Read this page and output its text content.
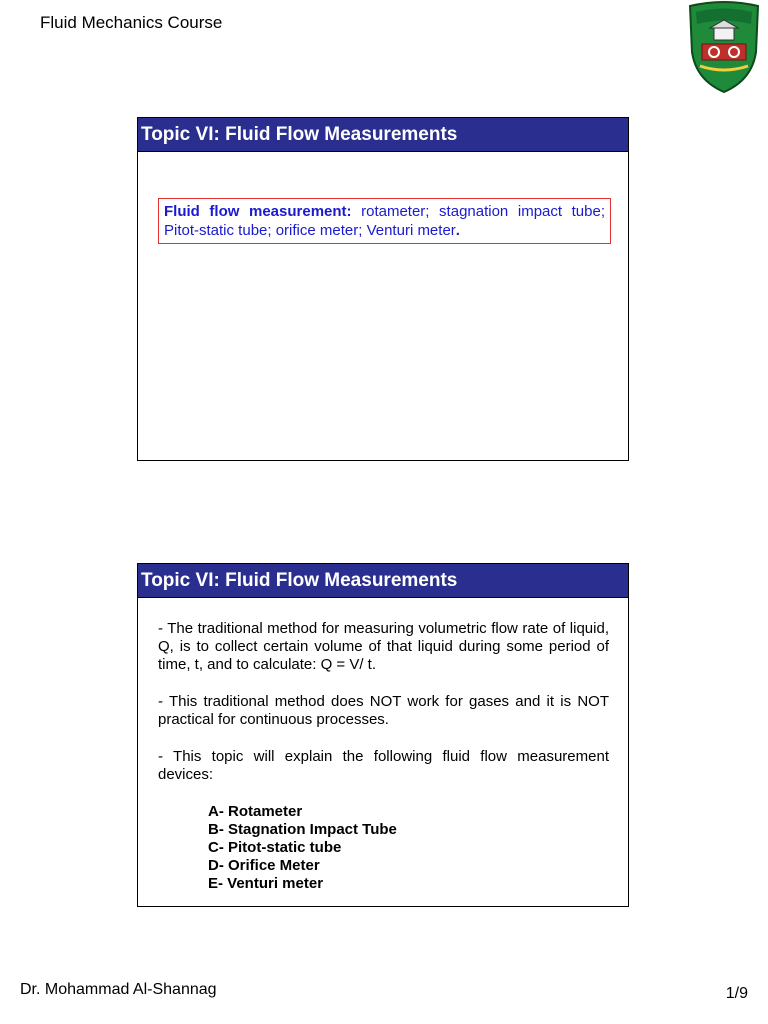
Fluid Mechanics Course
Topic VI: Fluid Flow Measurements
Fluid flow measurement: rotameter; stagnation impact tube; Pitot-static tube; orifice meter; Venturi meter.
Topic VI: Fluid Flow Measurements

- The traditional method for measuring volumetric flow rate of liquid, Q, is to collect certain volume of that liquid during some period of time, t, and to calculate: Q = V/ t.

- This traditional method does NOT work for gases and it is NOT practical for continuous processes.

- This topic will explain the following fluid flow measurement devices:

A- Rotameter
B- Stagnation Impact Tube
C- Pitot-static tube
D- Orifice Meter
E- Venturi meter
Dr. Mohammad Al-Shannag	1/9
